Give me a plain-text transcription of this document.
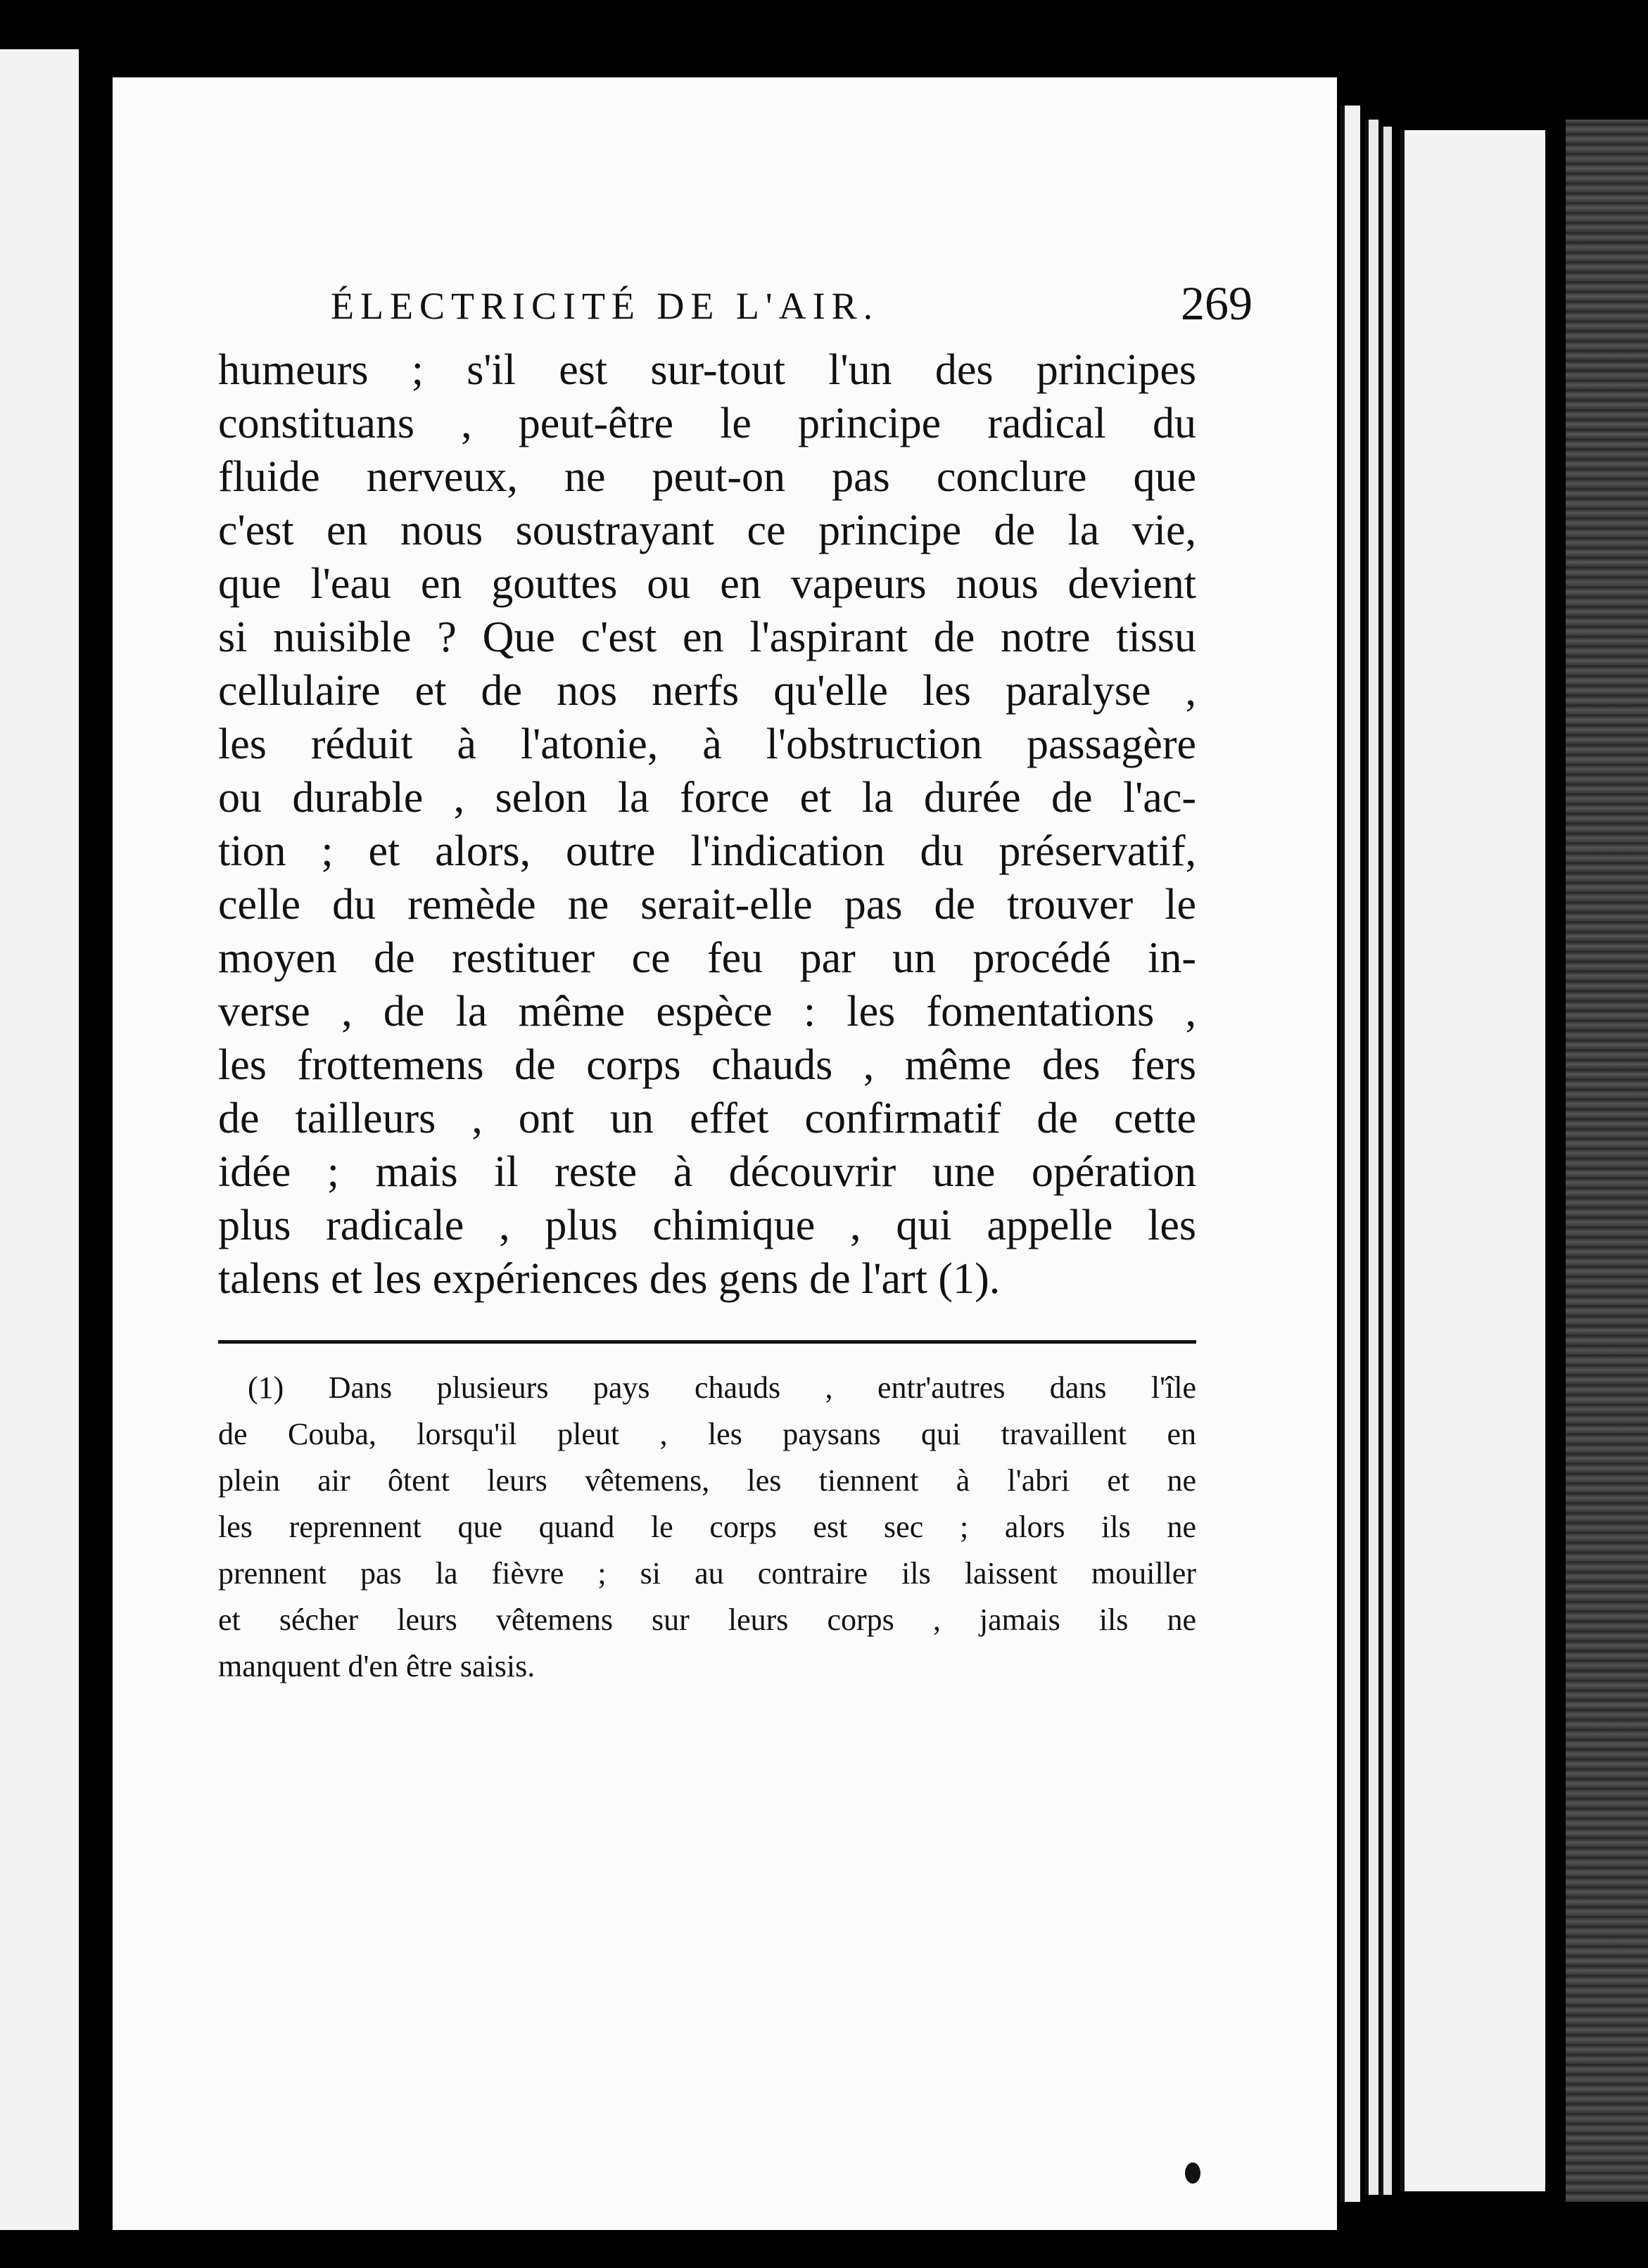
ÉLECTRICITÉ DE L'AIR.	269
humeurs ; s'il est sur-tout l'un des principes
constituans , peut-être le principe radical du
fluide nerveux, ne peut-on pas conclure que
c'est en nous soustrayant ce principe de la vie,
que l'eau en gouttes ou en vapeurs nous devient
si nuisible ? Que c'est en l'aspirant de notre tissu
cellulaire et de nos nerfs qu'elle les paralyse ,
les réduit à l'atonie, à l'obstruction passagère
ou durable , selon la force et la durée de l'ac-
tion ; et alors, outre l'indication du préservatif,
celle du remède ne serait-elle pas de trouver le
moyen de restituer ce feu par un procédé in-
verse , de la même espèce : les fomentations ,
les frottemens de corps chauds , même des fers
de tailleurs , ont un effet confirmatif de cette
idée ; mais il reste à découvrir une opération
plus radicale , plus chimique , qui appelle les
talens et les expériences des gens de l'art (1).
(1) Dans plusieurs pays chauds , entr'autres dans l'île
de Couba, lorsqu'il pleut , les paysans qui travaillent en
plein air ôtent leurs vêtemens, les tiennent à l'abri et ne
les reprennent que quand le corps est sec ; alors ils ne
prennent pas la fièvre ; si au contraire ils laissent mouiller
et sécher leurs vêtemens sur leurs corps , jamais ils ne
manquent d'en être saisis.
